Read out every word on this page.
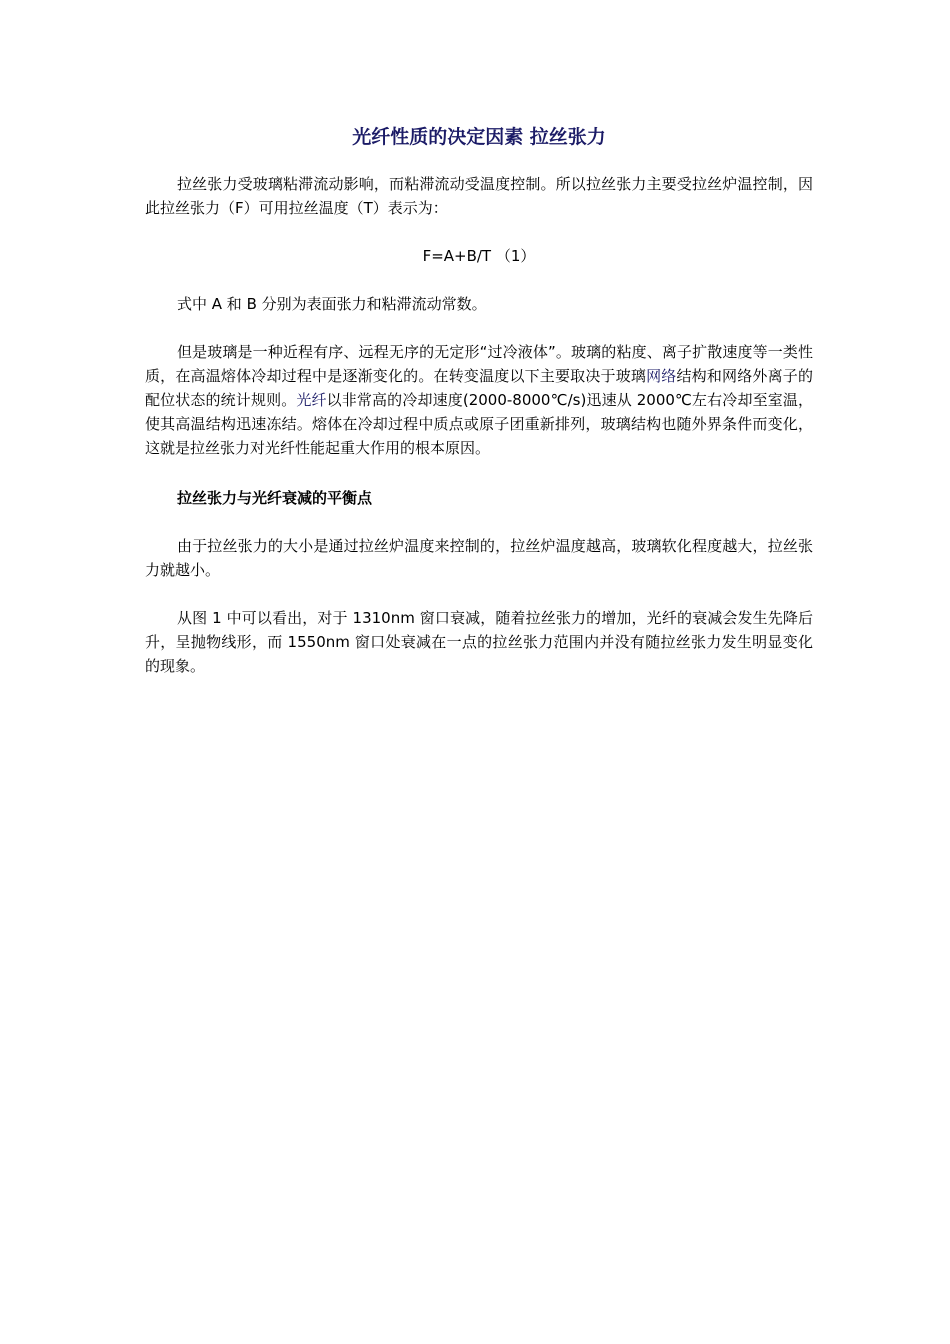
光纤性质的决定因素 拉丝张力

拉丝张力受玻璃粘滞流动影响，而粘滞流动受温度控制。所以拉丝张力主要受拉丝炉温控制，因此拉丝张力（F）可用拉丝温度（T）表示为：

F=A+B/T （1）

式中 A 和 B 分别为表面张力和粘滞流动常数。

但是玻璃是一种近程有序、远程无序的无定形“过冷液体”。玻璃的粘度、离子扩散速度等一类性质，在高温熔体冷却过程中是逐渐变化的。在转变温度以下主要取决于玻璃网络结构和网络外离子的配位状态的统计规则。光纤以非常高的冷却速度(2000-8000℃/s)迅速从 2000℃左右冷却至室温，使其高温结构迅速冻结。熔体在冷却过程中质点或原子团重新排列，玻璃结构也随外界条件而变化，这就是拉丝张力对光纤性能起重大作用的根本原因。

拉丝张力与光纤衰减的平衡点

由于拉丝张力的大小是通过拉丝炉温度来控制的，拉丝炉温度越高，玻璃软化程度越大，拉丝张力就越小。

从图 1 中可以看出，对于 1310nm 窗口衰减，随着拉丝张力的增加，光纤的衰减会发生先降后升，呈抛物线形，而 1550nm 窗口处衰减在一点的拉丝张力范围内并没有随拉丝张力发生明显变化的现象。
